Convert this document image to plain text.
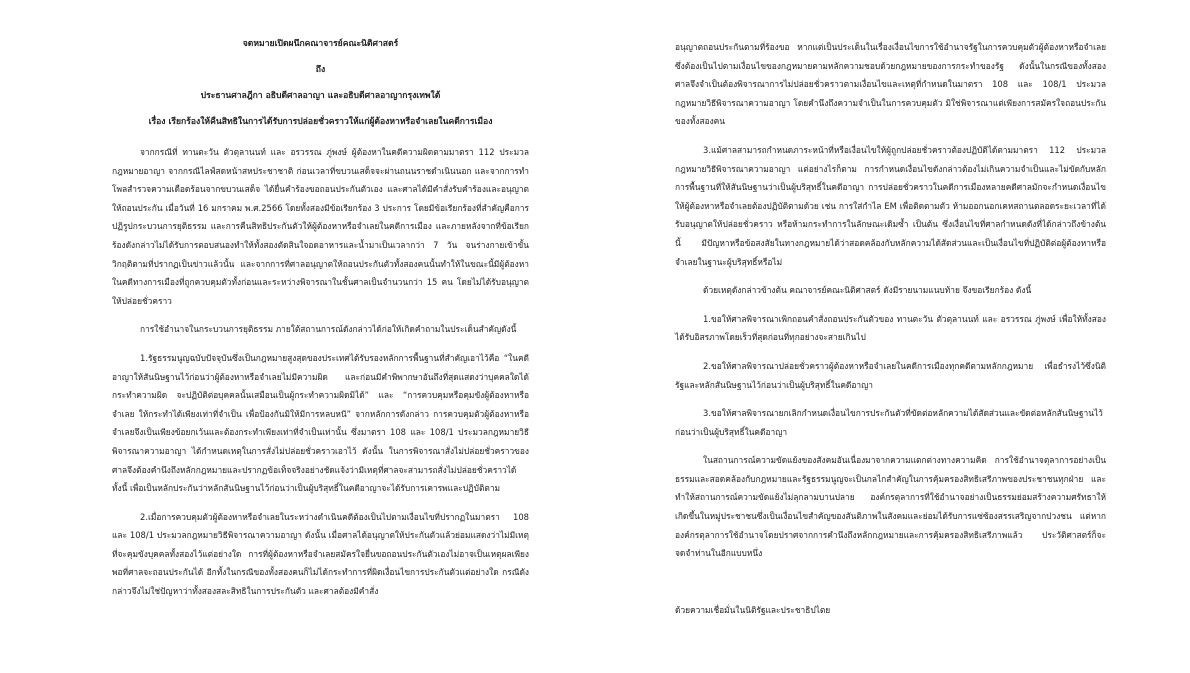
จดหมายเปิดผนึกคณาจารย์คณะนิติศาสตร์
ถึง
ประธานศาลฎีกา อธิบดีศาลอาญา และอธิบดีศาลอาญากรุงเทพใต้
เรื่อง เรียกร้องให้คืนสิทธิในการได้รับการปล่อยชั่วคราวให้แก่ผู้ต้องหาหรือจำเลยในคดีการเมือง

จากกรณีที่ ทานตะวัน ตัวตุลานนท์ และ อรวรรณ ภู่พงษ์ ผู้ต้องหาในคดีความผิดตามมาตรา 112 ประมวลกฎหมายอาญา จากกรณีไลฟ์สดหน้าสหประชาชาติ ก่อนเวลาที่ขบวนเสด็จจะผ่านถนนราชดำเนินนอก และจากการทำโพลสำรวจความเดือดร้อนจากขบวนเสด็จ ได้ยื่นคำร้องขอถอนประกันตัวเอง และศาลได้มีคำสั่งรับคำร้องและอนุญาตให้ถอนประกัน เมื่อวันที่ 16 มกราคม พ.ศ.2566 โดยทั้งสองมีข้อเรียกร้อง 3 ประการ โดยมีข้อเรียกร้องที่สำคัญคือการปฏิรูปกระบวนการยุติธรรม และการคืนสิทธิประกันตัวให้ผู้ต้องหาหรือจำเลยในคดีการเมือง และภายหลังจากที่ข้อเรียกร้องดังกล่าวไม่ได้รับการตอบสนองทำให้ทั้งสองตัดสินใจอดอาหารและน้ำมาเป็นเวลากว่า 7 วัน จนร่างกายเข้าขั้นวิกฤติตามที่ปรากฏเป็นข่าวแล้วนั้น และจากการที่ศาลอนุญาตให้ถอนประกันตัวทั้งสองคนนั้นทำให้ในขณะนี้มีผู้ต้องหาในคดีทางการเมืองที่ถูกควบคุมตัวทั้งก่อนและระหว่างพิจารณาในชั้นศาลเป็นจำนวนกว่า 15 คน โดยไม่ได้รับอนุญาตให้ปล่อยชั่วคราว

การใช้อำนาจในกระบวนการยุติธรรม ภายใต้สถานการณ์ดังกล่าวได้ก่อให้เกิดคำถามในประเด็นสำคัญดังนี้

1.รัฐธรรมนูญฉบับปัจจุบันซึ่งเป็นกฎหมายสูงสุดของประเทศได้รับรองหลักการพื้นฐานที่สำคัญเอาไว้คือ “ในคดีอาญาให้สันนิษฐานไว้ก่อนว่าผู้ต้องหาหรือจำเลยไม่มีความผิด และก่อนมีคำพิพากษาอันถึงที่สุดแสดงว่าบุคคลใดได้กระทำความผิด จะปฏิบัติต่อบุคคลนั้นเสมือนเป็นผู้กระทำความผิดมิได้” และ “การควบคุมหรือคุมขังผู้ต้องหาหรือจำเลย ให้กระทำได้เพียงเท่าที่จำเป็น เพื่อป้องกันมิให้มีการหลบหนี” จากหลักการดังกล่าว การควบคุมตัวผู้ต้องหาหรือจำเลยจึงเป็นเพียงข้อยกเว้นและต้องกระทำเพียงเท่าที่จำเป็นเท่านั้น ซึ่งมาตรา 108 และ 108/1 ประมวลกฎหมายวิธีพิจารณาความอาญา ได้กำหนดเหตุในการสั่งไม่ปล่อยชั่วคราวเอาไว้ ดังนั้น ในการพิจารณาสั่งไม่ปล่อยชั่วคราวของศาลจึงต้องคำนึงถึงหลักกฎหมายและปรากฏข้อเท็จจริงอย่างชัดแจ้งว่ามีเหตุที่ศาลจะสามารถสั่งไม่ปล่อยชั่วคราวได้ ทั้งนี้ เพื่อเป็นหลักประกันว่าหลักสันนิษฐานไว้ก่อนว่าเป็นผู้บริสุทธิ์ในคดีอาญาจะได้รับการเคารพและปฏิบัติตาม

2.เมื่อการควบคุมตัวผู้ต้องหาหรือจำเลยในระหว่างดำเนินคดีต้องเป็นไปตามเงื่อนไขที่ปรากฏในมาตรา 108 และ 108/1 ประมวลกฎหมายวิธีพิจารณาความอาญา ดังนั้น เมื่อศาลได้อนุญาตให้ประกันตัวแล้วย่อมแสดงว่าไม่มีเหตุที่จะคุมขังบุคคลทั้งสองไว้แต่อย่างใด การที่ผู้ต้องหาหรือจำเลยสมัครใจยื่นขอถอนประกันตัวเองไม่อาจเป็นเหตุผลเพียงพอที่ศาลจะถอนประกันได้ อีกทั้งในกรณีของทั้งสองคนก็ไม่ได้กระทำการที่ผิดเงื่อนไขการประกันตัวแต่อย่างใด กรณีดังกล่าวจึงไม่ใช่ปัญหาว่าทั้งสองสละสิทธิในการประกันตัว และศาลต้องมีคำสั่ง

อนุญาตถอนประกันตามที่ร้องขอ หากแต่เป็นประเด็นในเรื่องเงื่อนไขการใช้อำนาจรัฐในการควบคุมตัวผู้ต้องหาหรือจำเลยซึ่งต้องเป็นไปตามเงื่อนไขของกฎหมายตามหลักความชอบด้วยกฎหมายของการกระทำของรัฐ ดังนั้นในกรณีของทั้งสอง ศาลจึงจำเป็นต้องพิจารณาการไม่ปล่อยชั่วคราวตามเงื่อนไขและเหตุที่กำหนดในมาตรา 108 และ 108/1 ประมวลกฎหมายวิธีพิจารณาความอาญา โดยคำนึงถึงความจำเป็นในการควบคุมตัว มิใช่พิจารณาแต่เพียงการสมัครใจถอนประกันของทั้งสองคน

3.แม้ศาลสามารถกำหนดภาระหน้าที่หรือเงื่อนไขให้ผู้ถูกปล่อยชั่วคราวต้องปฏิบัติได้ตามมาตรา 112 ประมวลกฎหมายวิธีพิจารณาความอาญา แต่อย่างไรก็ตาม การกำหนดเงื่อนไขดังกล่าวต้องไม่เกินความจำเป็นและไม่ขัดกับหลักการพื้นฐานที่ให้สันนิษฐานว่าเป็นผู้บริสุทธิ์ในคดีอาญา การปล่อยชั่วคราวในคดีการเมืองหลายคดีศาลมักจะกำหนดเงื่อนไขให้ผู้ต้องหาหรือจำเลยต้องปฏิบัติตามด้วย เช่น การใส่กำไล EM เพื่อติดตามตัว ห้ามออกนอกเคหสถานตลอดระยะเวลาที่ได้รับอนุญาตให้ปล่อยชั่วคราว หรือห้ามกระทำการในลักษณะเดิมซ้ำ เป็นต้น ซึ่งเงื่อนไขที่ศาลกำหนดดังที่ได้กล่าวถึงข้างต้นนี้ มีปัญหาหรือข้อสงสัยในทางกฎหมายได้ว่าสอดคล้องกับหลักความได้สัดส่วนและเป็นเงื่อนไขที่ปฏิบัติต่อผู้ต้องหาหรือจำเลยในฐานะผู้บริสุทธิ์หรือไม่

ด้วยเหตุดังกล่าวข้างต้น คณาจารย์คณะนิติศาสตร์ ดังมีรายนามแนบท้าย จึงขอเรียกร้อง ดังนี้

1.ขอให้ศาลพิจารณาเพิกถอนคำสั่งถอนประกันตัวของ ทานตะวัน ตัวตุลานนท์ และ อรวรรณ ภู่พงษ์ เพื่อให้ทั้งสองได้รับอิสรภาพโดยเร็วที่สุดก่อนที่ทุกอย่างจะสายเกินไป

2.ขอให้ศาลพิจารณาปล่อยชั่วคราวผู้ต้องหาหรือจำเลยในคดีการเมืองทุกคดีตามหลักกฎหมาย เพื่อธำรงไว้ซึ่งนิติรัฐและหลักสันนิษฐานไว้ก่อนว่าเป็นผู้บริสุทธิ์ในคดีอาญา

3.ขอให้ศาลพิจารณายกเลิกกำหนดเงื่อนไขการประกันตัวที่ขัดต่อหลักความได้สัดส่วนและขัดต่อหลักสันนิษฐานไว้ก่อนว่าเป็นผู้บริสุทธิ์ในคดีอาญา

ในสถานการณ์ความขัดแย้งของสังคมอันเนื่องมาจากความแตกต่างทางความคิด การใช้อำนาจตุลาการอย่างเป็นธรรมและสอดคล้องกับกฎหมายและรัฐธรรมนูญจะเป็นกลไกสำคัญในการคุ้มครองสิทธิเสรีภาพของประชาชนทุกฝ่าย และทำให้สถานการณ์ความขัดแย้งไม่ลุกลามบานปลาย องค์กรตุลาการที่ใช้อำนาจอย่างเป็นธรรมย่อมสร้างความศรัทธาให้เกิดขึ้นในหมู่ประชาชนซึ่งเป็นเงื่อนไขสำคัญของสันติภาพในสังคมและย่อมได้รับการแซ่ซ้องสรรเสริญจากปวงชน แต่หากองค์กรตุลาการใช้อำนาจโดยปราศจากการคำนึงถึงหลักกฎหมายและการคุ้มครองสิทธิเสรีภาพแล้ว ประวัติศาสตร์ก็จะจดจำท่านในอีกแบบหนึ่ง

ด้วยความเชื่อมั่นในนิติรัฐและประชาธิปไตย
